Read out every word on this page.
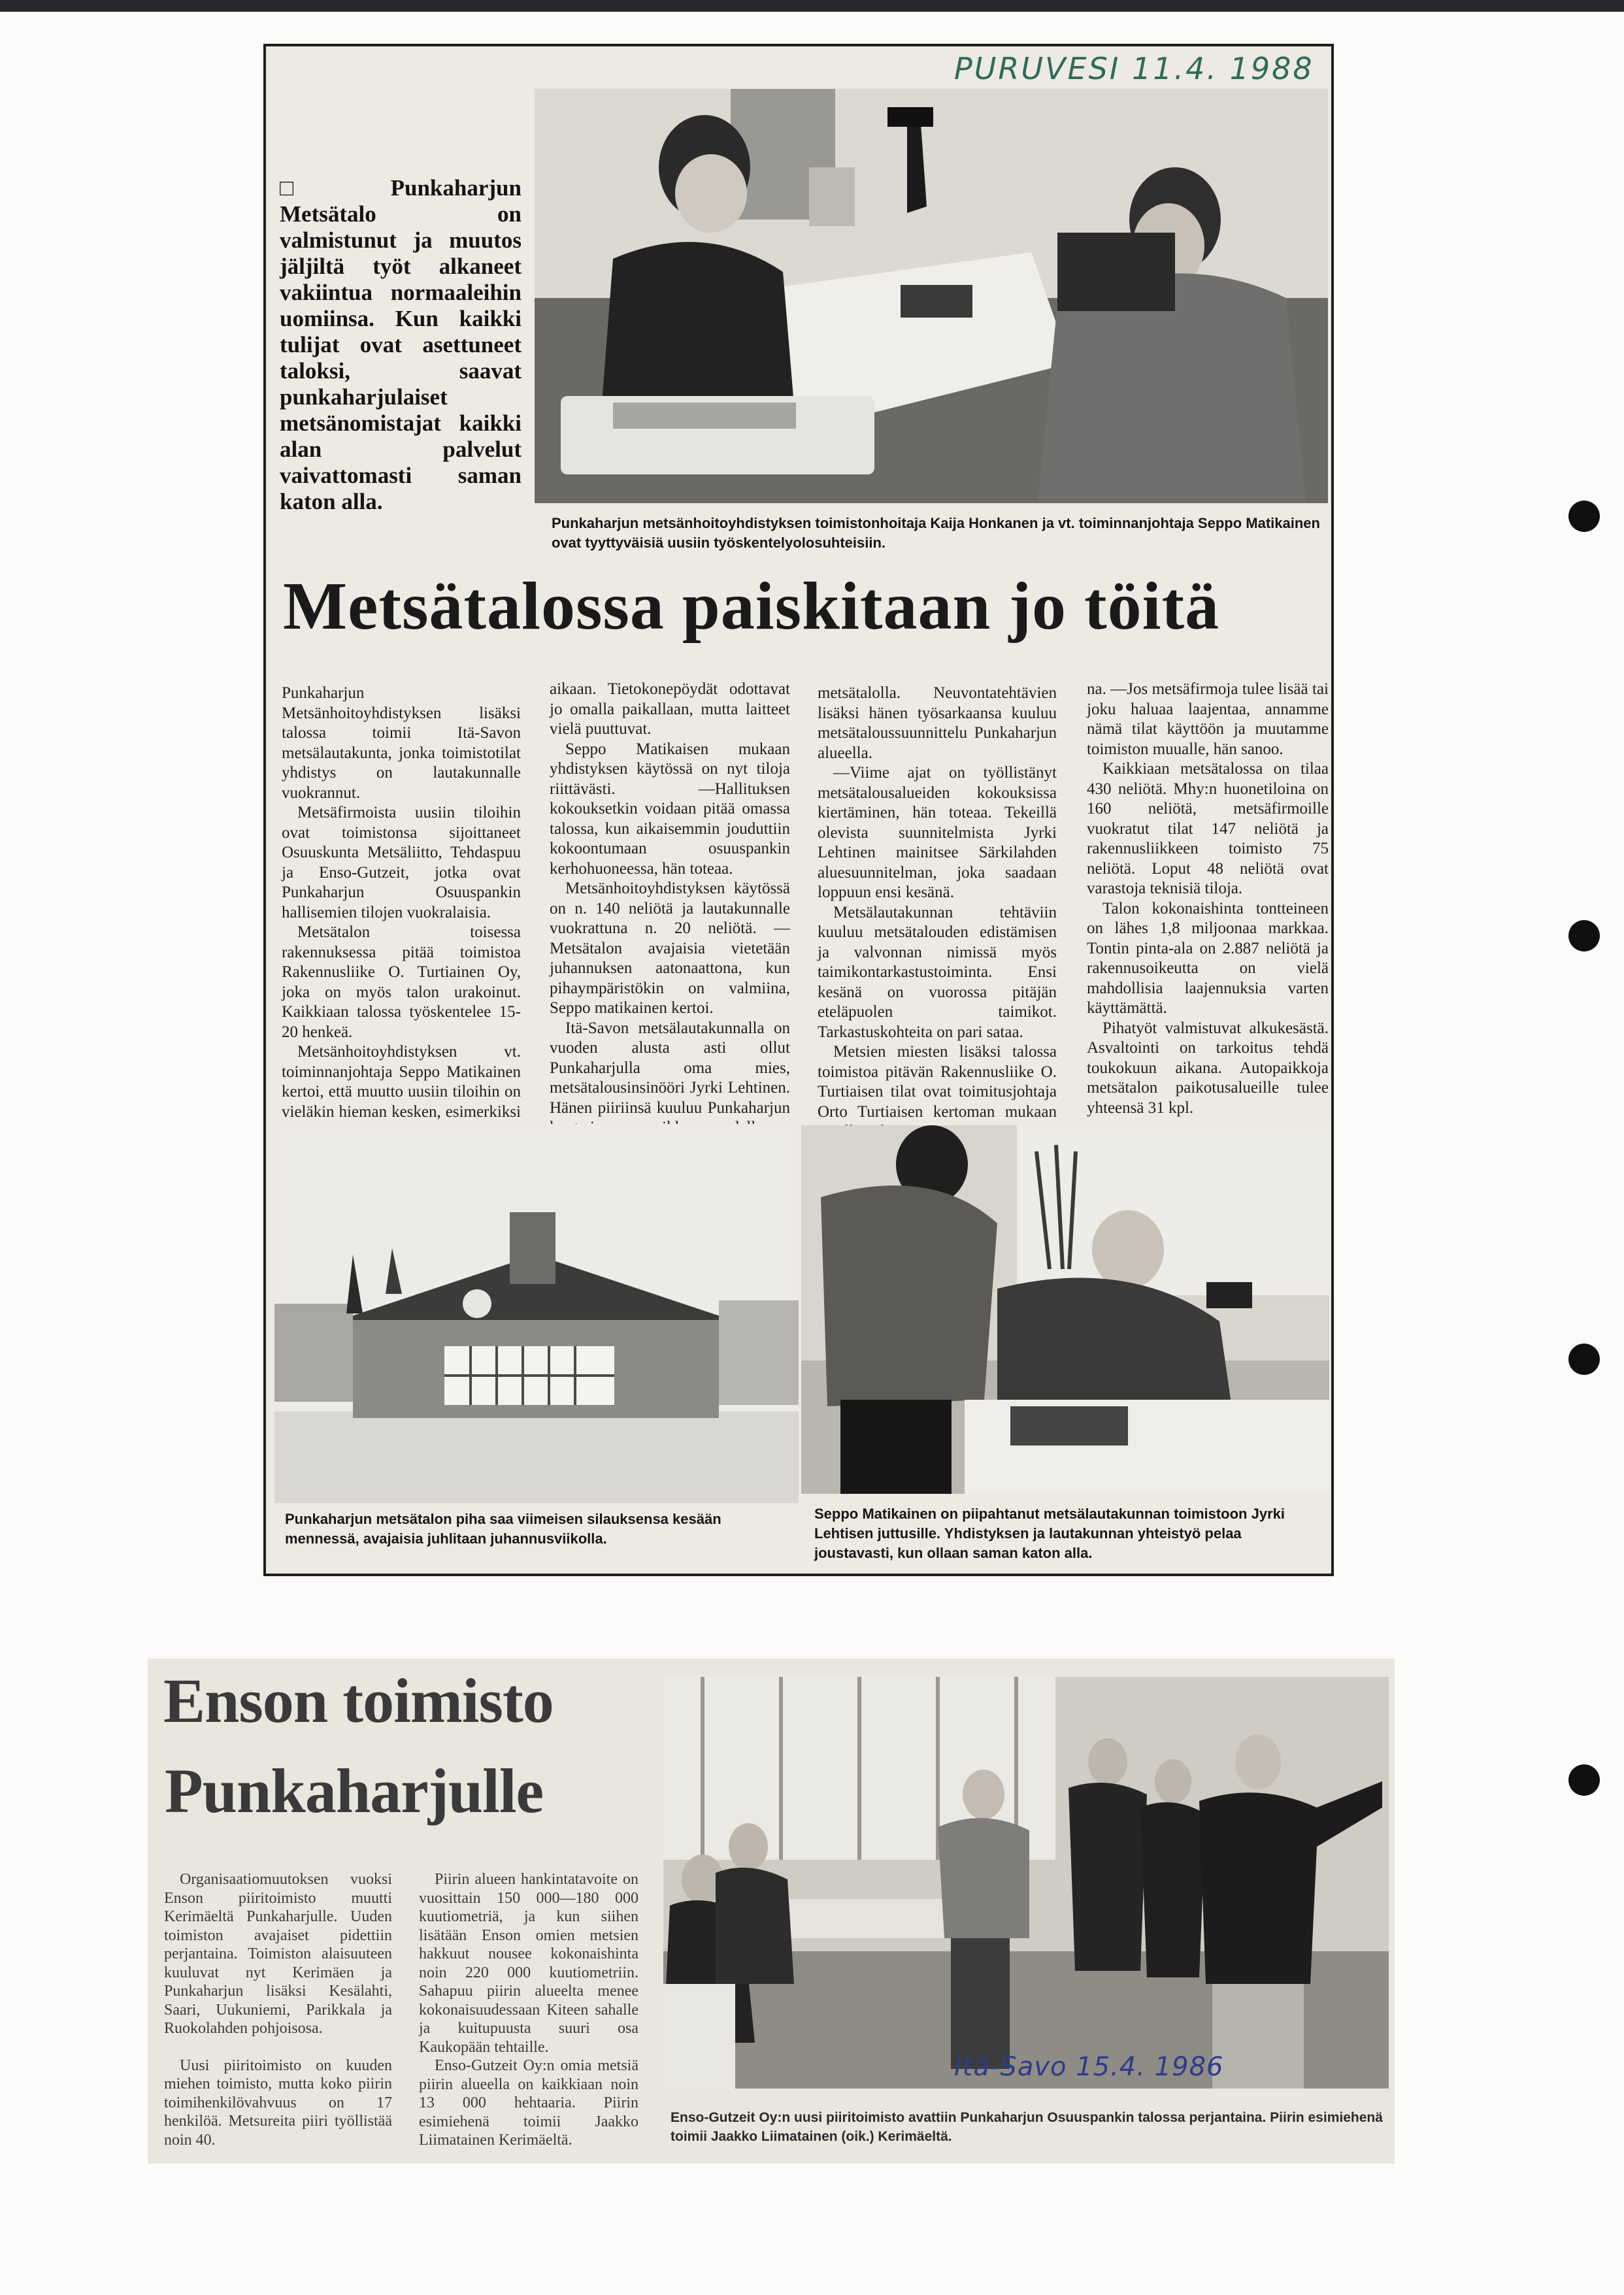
PURUVESI 11.4. 1988
□ Punkaharjun Metsätalo on valmistunut ja muutos jäljiltä työt alkaneet vakiintua normaaleihin uomiinsa. Kun kaikki tulijat ovat asettuneet taloksi, saavat punkaharjulaiset metsänomistajat kaikki alan palvelut vaivattomasti saman katon alla.
Punkaharjun metsänhoitoyhdistyksen toimistonhoitaja Kaija Honkanen ja vt. toiminnanjohtaja Seppo Matikainen ovat tyyttyväisiä uusiin työskentelyolosuhteisiin.
Metsätalossa paiskitaan jo töitä

Punkaharjun Metsänhoitoyhdistyksen lisäksi talossa toimii Itä-Savon metsälautakunta, jonka toimistotilat yhdistys on lautakunnalle vuokrannut.

Metsäfirmoista uusiin tiloihin ovat toimistonsa sijoittaneet Osuuskunta Metsäliitto, Tehdaspuu ja Enso-Gutzeit, jotka ovat Punkaharjun Osuuspankin hallisemien tilojen vuokralaisia.

Metsätalon toisessa rakennuksessa pitää toimistoa Rakennusliike O. Turtiainen Oy, joka on myös talon urakoinut. Kaikkiaan talossa työskentelee 15-20 henkeä.

Metsänhoitoyhdistyksen vt. toiminnanjohtaja Seppo Matikainen kertoi, että muutto uusiin tiloihin on vieläkin hieman kesken, esimerkiksi

aikaan. Tietokonepöydät odottavat jo omalla paikallaan, mutta laitteet vielä puuttuvat.

Seppo Matikaisen mukaan yhdistyksen käytössä on nyt tiloja riittävästi. —Hallituksen kokouksetkin voidaan pitää omassa talossa, kun aikaisemmin jouduttiin kokoontumaan osuuspankin kerhohuoneessa, hän toteaa.

Metsänhoitoyhdistyksen käytössä on n. 140 neliötä ja lautakunnalle vuokrattuna n. 20 neliötä. —Metsätalon avajaisia vietetään juhannuksen aatonaattona, kun pihaympäristökin on valmiina, Seppo matikainen kertoi.

Itä-Savon metsälautakunnalla on vuoden alusta asti ollut Punkaharjulla oma mies, metsätalousinsinööri Jyrki Lehtinen. Hänen piiriinsä kuuluu Punkaharjun

metsätalolla. Neuvontatehtävien lisäksi hänen työsarkaansa kuuluu metsätaloussuunnittelu Punkaharjun alueella.

—Viime ajat on työllistänyt metsätalousalueiden kokouksissa kiertäminen, hän toteaa. Tekeillä olevista suunnitelmista Jyrki Lehtinen mainitsee Särkilahden aluesuunnitelman, joka saadaan loppuun ensi kesänä.

Metsälautakunnan tehtäviin kuuluu metsätalouden edistämisen ja valvonnan nimissä myös taimikontarkastustoiminta. Ensi kesänä on vuorossa pitäjän eteläpuolen taimikot. Tarkastuskohteita on pari sataa.

Metsien miesten lisäksi talossa toimistoa pitävän Rakennusliike O. Turtiaisen tilat ovat toimitusjohtaja Orto Turtiaisen kertoman mukaan

na. —Jos metsäfirmoja tulee lisää tai joku haluaa laajentaa, annamme nämä tilat käyttöön ja muutamme toimiston muualle, hän sanoo.

Kaikkiaan metsätalossa on tilaa 430 neliötä. Mhy:n huonetiloina on 160 neliötä, metsäfirmoille vuokratut tilat 147 neliötä ja rakennusliikkeen toimisto 75 neliötä. Loput 48 neliötä ovat varastoja teknisiä tiloja.

Talon kokonaishinta tontteineen on lähes 1,8 miljoonaa markkaa. Tontin pinta-ala on 2.887 neliötä ja rakennusoikeutta on vielä mahdollisia laajennuksia varten käyttämättä.

Pihatyöt valmistuvat alkukesästä. Asvaltointi on tarkoitus tehdä toukokuun aikana. Autopaikkoja metsätalon paikotusalueille tulee yhteensä 31 kpl.

Punkaharjun metsätalon piha saa viimeisen silauksensa kesään mennessä, avajaisia juhlitaan juhannusviikolla.
Seppo Matikainen on piipahtanut metsälautakunnan toimistoon Jyrki Lehtisen juttusille. Yhdistyksen ja lautakunnan yhteistyö pelaa joustavasti, kun ollaan saman katon alla.
Enson toimisto
Punkaharjulle

Organisaatiomuutoksen vuoksi Enson piiritoimisto muutti Kerimäeltä Punkaharjulle. Uuden toimiston avajaiset pidettiin perjantaina. Toimiston alaisuuteen kuuluvat nyt Kerimäen ja Punkaharjun lisäksi Kesälahti, Saari, Uukuniemi, Parikkala ja Ruokolahden pohjoisosa.

Uusi piiritoimisto on kuuden miehen toimisto, mutta koko piirin toimihenkilövahvuus on 17 henkilöä. Metsureita piiri työllistää noin 40.

Piirin alueen hankintatavoite on vuosittain 150 000—180 000 kuutiometriä, ja kun siihen lisätään Enson omien metsien hakkuut nousee kokonaishinta noin 220 000 kuutiometriin. Sahapuu piirin alueelta menee kokonaisuudessaan Kiteen sahalle ja kuitupuusta suuri osa Kaukopään tehtaille.

Enso-Gutzeit Oy:n omia metsiä piirin alueella on kaikkiaan noin 13 000 hehtaaria. Piirin esimiehenä toimii Jaakko Liimatainen Kerimäeltä.

Itä-Savo 15.4. 1986
Enso-Gutzeit Oy:n uusi piiritoimisto avattiin Punkaharjun Osuuspankin talossa perjantaina. Piirin esimiehenä toimii Jaakko Liimatainen (oik.) Kerimäeltä.
